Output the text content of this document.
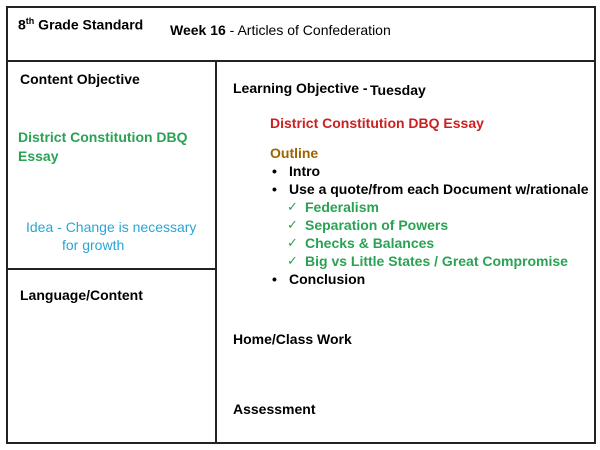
8th Grade Standard Week 16 - Articles of Confederation
Content Objective
District Constitution DBQ
Essay
Idea - Change is necessary
for growth
Language/Content
Learning Objective - Tuesday
District Constitution DBQ Essay
Outline
• Intro
• Use a quote/from each Document w/rationale
✓ Federalism
✓ Separation of Powers
✓ Checks & Balances
✓ Big vs Little States / Great Compromise
• Conclusion
Home/Class Work
Assessment
